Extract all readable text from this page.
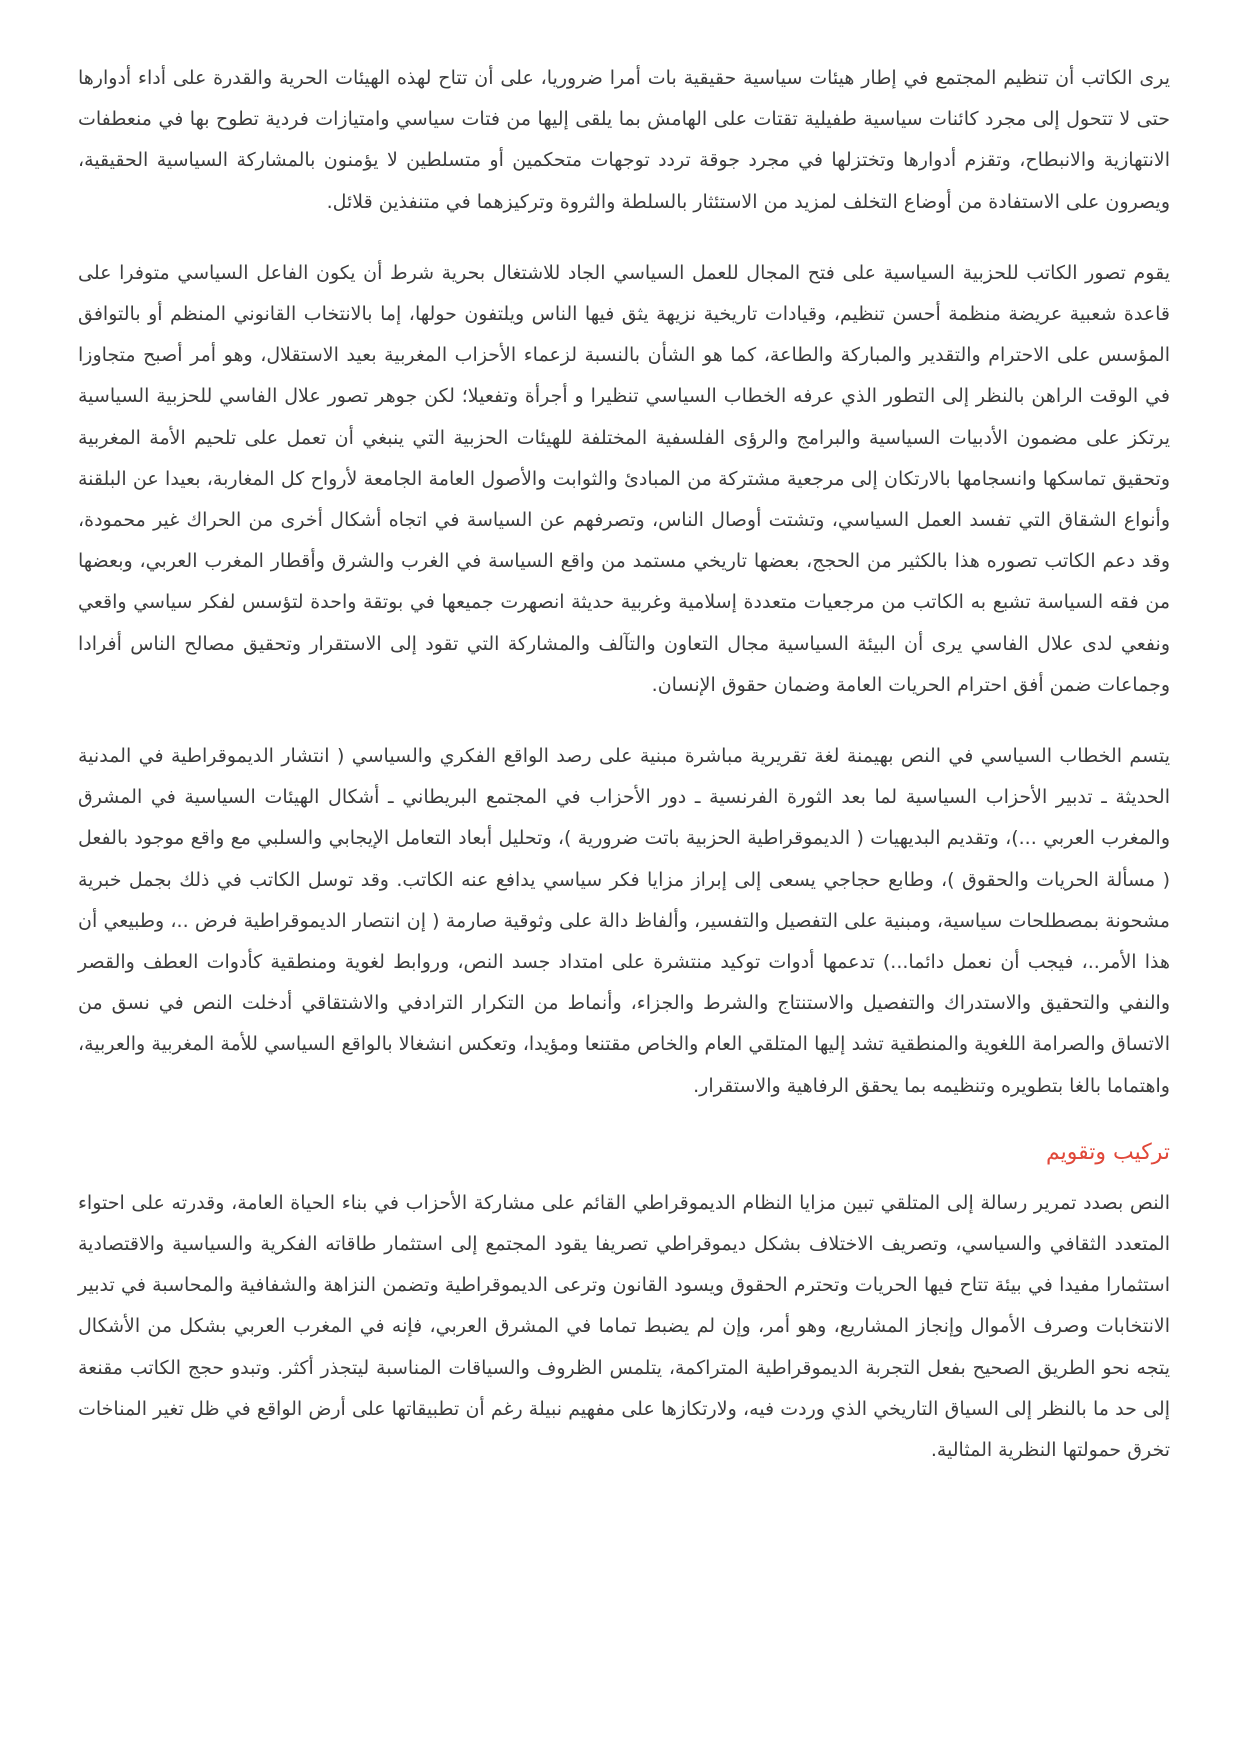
يرى الكاتب أن تنظيم المجتمع في إطار هيئات سياسية حقيقية بات أمرا ضروريا، على أن تتاح لهذه الهيئات الحرية والقدرة على أداء أدوارها حتى لا تتحول إلى مجرد كائنات سياسية طفيلية تقتات على الهامش بما يلقى إليها من فتات سياسي وامتيازات فردية تطوح بها في منعطفات الانتهازية والانبطاح، وتقزم أدوارها وتختزلها في مجرد جوقة تردد توجهات متحكمين أو متسلطين لا يؤمنون بالمشاركة السياسية الحقيقية، ويصرون على الاستفادة من أوضاع التخلف لمزيد من الاستئثار بالسلطة والثروة وتركيزهما في متنفذين قلائل.

يقوم تصور الكاتب للحزبية السياسية على فتح المجال للعمل السياسي الجاد للاشتغال بحرية شرط أن يكون الفاعل السياسي متوفرا على قاعدة شعبية عريضة منظمة أحسن تنظيم، وقيادات تاريخية نزيهة يثق فيها الناس ويلتفون حولها، إما بالانتخاب القانوني المنظم أو بالتوافق المؤسس على الاحترام والتقدير والمباركة والطاعة، كما هو الشأن بالنسبة لزعماء الأحزاب المغربية بعيد الاستقلال، وهو أمر أصبح متجاوزا في الوقت الراهن بالنظر إلى التطور الذي عرفه الخطاب السياسي تنظيرا و أجرأة وتفعيلا؛ لكن جوهر تصور علال الفاسي للحزبية السياسية يرتكز على مضمون الأدبيات السياسية والبرامج والرؤى الفلسفية المختلفة للهيئات الحزبية التي ينبغي أن تعمل على تلحيم الأمة المغربية وتحقيق تماسكها وانسجامها بالارتكان إلى مرجعية مشتركة من المبادئ والثوابت والأصول العامة الجامعة لأرواح كل المغاربة، بعيدا عن البلقنة وأنواع الشقاق التي تفسد العمل السياسي، وتشتت أوصال الناس، وتصرفهم عن السياسة في اتجاه أشكال أخرى من الحراك غير محمودة، وقد دعم الكاتب تصوره هذا بالكثير من الحجج، بعضها تاريخي مستمد من واقع السياسة في الغرب والشرق وأقطار المغرب العربي، وبعضها من فقه السياسة تشبع به الكاتب من مرجعيات متعددة إسلامية وغربية حديثة انصهرت جميعها في بوتقة واحدة لتؤسس لفكر سياسي واقعي ونفعي لدى علال الفاسي يرى أن البيئة السياسية مجال التعاون والتآلف والمشاركة التي تقود إلى الاستقرار وتحقيق مصالح الناس أفرادا وجماعات ضمن أفق احترام الحريات العامة وضمان حقوق الإنسان.

يتسم الخطاب السياسي في النص بهيمنة لغة تقريرية مباشرة مبنية على رصد الواقع الفكري والسياسي ( انتشار الديموقراطية في المدنية الحديثة ـ تدبير الأحزاب السياسية لما بعد الثورة الفرنسية ـ دور الأحزاب في المجتمع البريطاني ـ أشكال الهيئات السياسية في المشرق والمغرب العربي ...)، وتقديم البديهيات ( الديموقراطية الحزبية باتت ضرورية )، وتحليل أبعاد التعامل الإيجابي والسلبي مع واقع موجود بالفعل ( مسألة الحريات والحقوق )، وطابع حجاجي يسعى إلى إبراز مزايا فكر سياسي يدافع عنه الكاتب. وقد توسل الكاتب في ذلك بجمل خبرية مشحونة بمصطلحات سياسية، ومبنية على التفصيل والتفسير، وألفاظ دالة على وثوقية صارمة ( إن انتصار الديموقراطية فرض ..، وطبيعي أن هذا الأمر..، فيجب أن نعمل دائما...) تدعمها أدوات توكيد منتشرة على امتداد جسد النص، وروابط لغوية ومنطقية كأدوات العطف والقصر والنفي والتحقيق والاستدراك والتفصيل والاستنتاج والشرط والجزاء، وأنماط من التكرار الترادفي والاشتقاقي أدخلت النص في نسق من الاتساق والصرامة اللغوية والمنطقية تشد إليها المتلقي العام والخاص مقتنعا ومؤيدا، وتعكس انشغالا بالواقع السياسي للأمة المغربية والعربية، واهتماما بالغا بتطويره وتنظيمه بما يحقق الرفاهية والاستقرار.

تركيب وتقويم

النص بصدد تمرير رسالة إلى المتلقي تبين مزايا النظام الديموقراطي القائم على مشاركة الأحزاب في بناء الحياة العامة، وقدرته على احتواء المتعدد الثقافي والسياسي، وتصريف الاختلاف بشكل ديموقراطي تصريفا يقود المجتمع إلى استثمار طاقاته الفكرية والسياسية والاقتصادية استثمارا مفيدا في بيئة تتاح فيها الحريات وتحترم الحقوق ويسود القانون وترعى الديموقراطية وتضمن النزاهة والشفافية والمحاسبة في تدبير الانتخابات وصرف الأموال وإنجاز المشاريع، وهو أمر، وإن لم يضبط تماما في المشرق العربي، فإنه في المغرب العربي بشكل من الأشكال يتجه نحو الطريق الصحيح بفعل التجربة الديموقراطية المتراكمة، يتلمس الظروف والسياقات المناسبة ليتجذر أكثر. وتبدو حجج الكاتب مقنعة إلى حد ما بالنظر إلى السياق التاريخي الذي وردت فيه، ولارتكازها على مفهيم نبيلة رغم أن تطبيقاتها على أرض الواقع في ظل تغير المناخات تخرق حمولتها النظرية المثالية.
